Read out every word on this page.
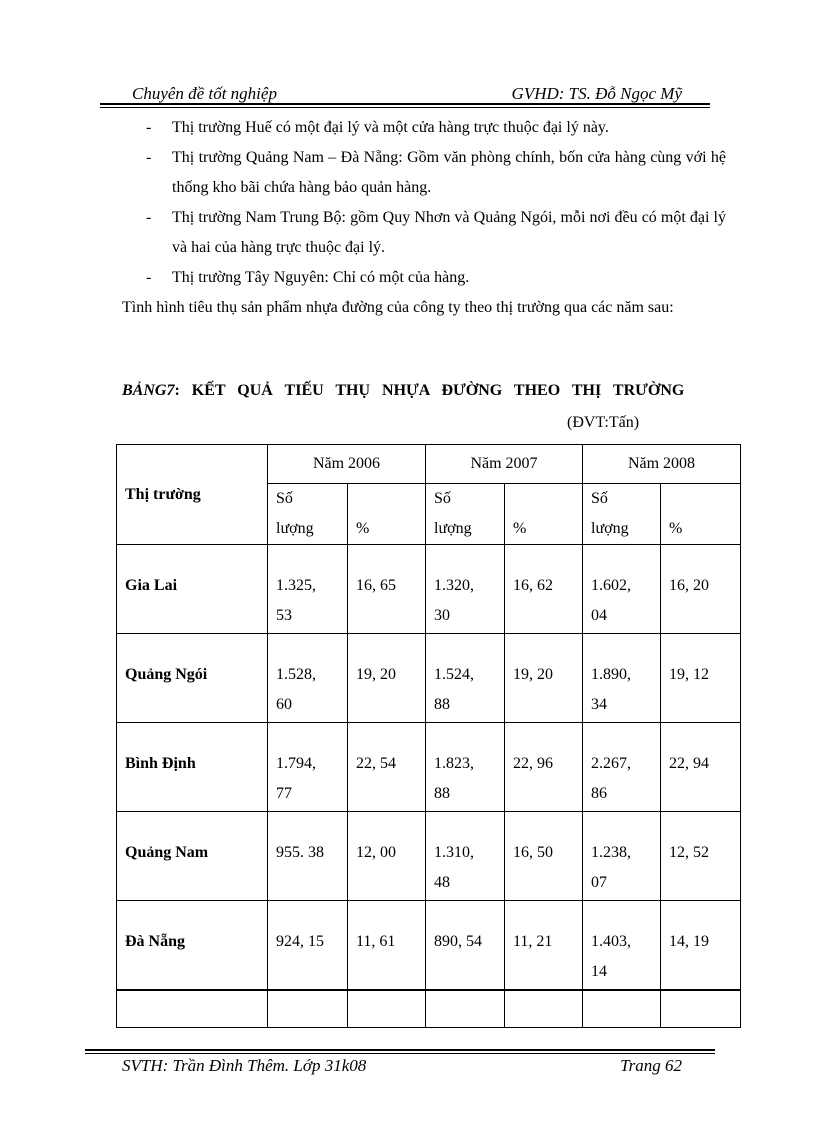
Chuyên đề tốt nghiệp	GVHD: TS. Đỗ Ngọc Mỹ
- Thị trường Huế có một đại lý và một cửa hàng trực thuộc đại lý này.
- Thị trường Quảng Nam – Đà Nẵng: Gồm văn phòng chính, bốn cửa hàng cùng với hệ thống kho bãi chứa hàng bảo quản hàng.
- Thị trường Nam Trung Bộ: gồm Quy Nhơn và Quảng Ngói, mỗi nơi đều có một đại lý và hai của hàng trực thuộc đại lý.
- Thị trường Tây Nguyên: Chỉ có một của hàng.
Tình hình tiêu thụ sản phẩm nhựa đường của công ty theo thị trường qua các năm sau:
BẢNG7: KẾT QUẢ TIẾU THỤ NHỰA ĐƯỜNG THEO THỊ TRƯỜNG
(ĐVT:Tấn)
Thị trường	Năm 2006		Năm 2007		Năm 2008	
	Số lượng	%	Số lượng	%	Số lượng	%
Gia Lai	1.325, 53	16, 65	1.320, 30	16, 62	1.602, 04	16, 20
Quảng Ngói	1.528, 60	19, 20	1.524, 88	19, 20	1.890, 34	19, 12
Bình Định	1.794, 77	22, 54	1.823, 88	22, 96	2.267, 86	22, 94
Quảng Nam	955. 38	12, 00	1.310, 48	16, 50	1.238, 07	12, 52
Đà Nẵng	924, 15	11, 61	890, 54	11, 21	1.403, 14	14, 19

SVTH: Trần Đình Thêm. Lớp 31k08	Trang 62
